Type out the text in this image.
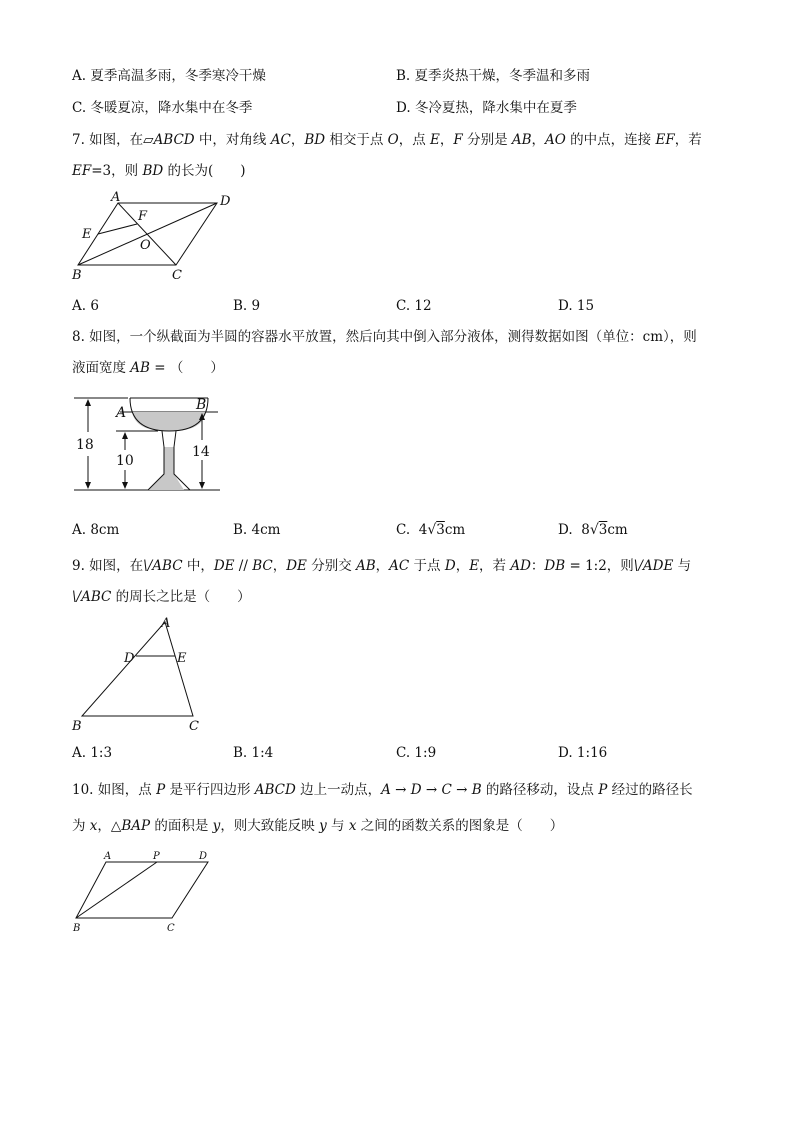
A. 夏季高温多雨，冬季寒冷干燥	B. 夏季炎热干燥，冬季温和多雨
C. 冬暖夏凉，降水集中在冬季	D. 冬冷夏热，降水集中在夏季
7. 如图，在▱ABCD 中，对角线 AC，BD 相交于点 O，点 E，F 分别是 AB，AO 的中点，连接 EF，若
EF=3，则 BD 的长为(　　)
A	D
F
E
O
B	C
A. 6	B. 9	C. 12	D. 15
8. 如图，一个纵截面为半圆的容器水平放置，然后向其中倒入部分液体，测得数据如图（单位：cm），则
液面宽度 AB = （　　）
A	B
18
10
14
A. 8cm	B. 4cm	C.  4√3cm	D.  8√3cm
9. 如图，在\/ABC 中，DE // BC，DE 分别交 AB，AC 于点 D，E，若 AD：DB = 1:2，则\/ADE 与
\/ABC 的周长之比是（　　）
A
D	E
B	C
A. 1:3	B. 1:4	C. 1:9	D. 1:16
10. 如图，点 P 是平行四边形 ABCD 边上一动点，A → D → C → B 的路径移动，设点 P 经过的路径长
为 x，△BAP 的面积是 y，则大致能反映 y 与 x 之间的函数关系的图象是（　　）
A	P	D
B	C
